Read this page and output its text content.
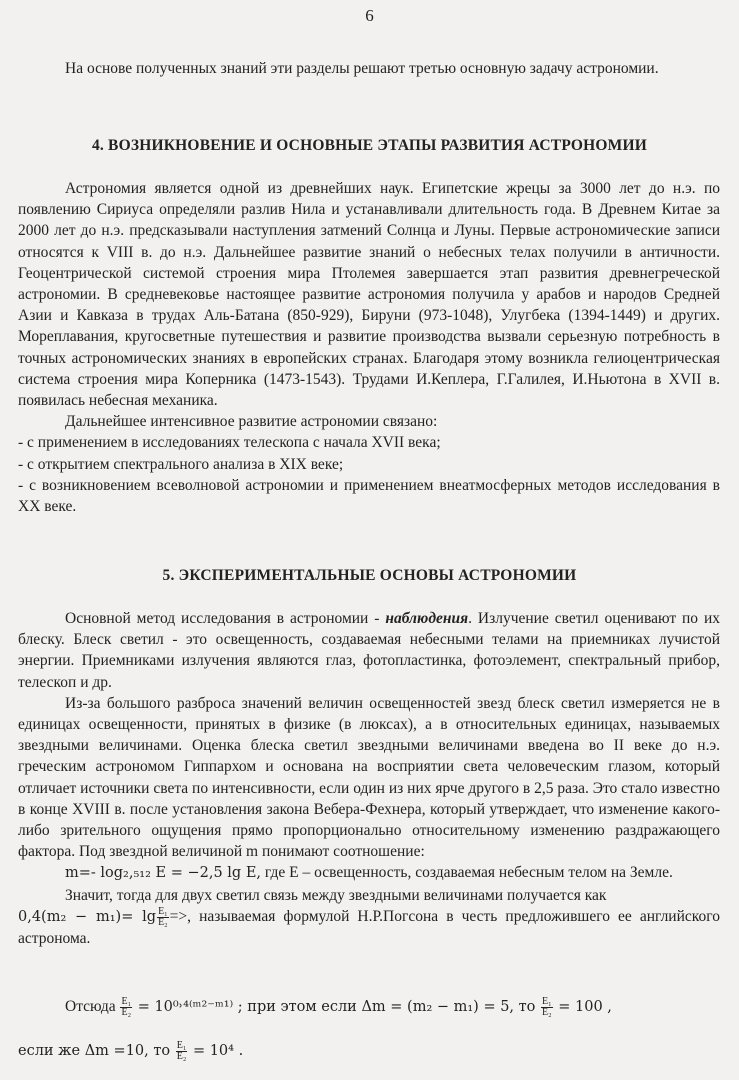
6

На основе полученных знаний эти разделы решают третью основную задачу астрономии.

4. ВОЗНИКНОВЕНИЕ И ОСНОВНЫЕ ЭТАПЫ РАЗВИТИЯ АСТРОНОМИИ

Астрономия является одной из древнейших наук. Египетские жрецы за 3000 лет до н.э. по появлению Сириуса определяли разлив Нила и устанавливали длительность года. В Древнем Китае за 2000 лет до н.э. предсказывали наступления затмений Солнца и Луны. Первые астрономические записи относятся к VIII в. до н.э. Дальнейшее развитие знаний о небесных телах получили в античности. Геоцентрической системой строения мира Птолемея завершается этап развития древнегреческой астрономии. В средневековье настоящее развитие астрономия получила у арабов и народов Средней Азии и Кавказа в трудах Аль-Батана (850-929), Бируни (973-1048), Улугбека (1394-1449) и других. Мореплавания, кругосветные путешествия и развитие производства вызвали серьезную потребность в точных астрономических знаниях в европейских странах. Благодаря этому возникла гелиоцентрическая система строения мира Коперника (1473-1543). Трудами И.Кеплера, Г.Галилея, И.Ньютона в XVII в. появилась небесная механика.

Дальнейшее интенсивное развитие астрономии связано:

- с применением в исследованиях телескопа с начала XVII века;

- с открытием спектрального анализа в XIX веке;

- с возникновением всеволновой астрономии и применением внеатмосферных методов исследования в XX веке.

5. ЭКСПЕРИМЕНТАЛЬНЫЕ ОСНОВЫ АСТРОНОМИИ

Основной метод исследования в астрономии - наблюдения. Излучение светил оценивают по их блеску. Блеск светил - это освещенность, создаваемая небесными телами на приемниках лучистой энергии. Приемниками излучения являются глаз, фотопластинка, фотоэлемент, спектральный прибор, телескоп и др.

Из-за большого разброса значений величин освещенностей звезд блеск светил измеряется не в единицах освещенности, принятых в физике (в люксах), а в относительных единицах, называемых звездными величинами. Оценка блеска светил звездными величинами введена во II веке до н.э. греческим астрономом Гиппархом и основана на восприятии света человеческим глазом, который отличает источники света по интенсивности, если один из них ярче другого в 2,5 раза. Это стало известно в конце XVIII в. после установления закона Вебера-Фехнера, который утверждает, что изменение какого-либо зрительного ощущения прямо пропорционально относительному изменению раздражающего фактора. Под звездной величиной m понимают соотношение:

m=- log₂,₅₁₂ E = −2,5 lg E, где E – освещенность, создаваемая небесным телом на Земле.

Значит, тогда для двух светил связь между звездными величинами получается как

$0,4(m_2 - m_1)= \lg \frac{\text{E₁}}{\text{E₂}}$ =>, называемая формулой Н.Р.Погсона в честь предложившего ее английского астронома.

Отсюда $\frac{\text{E₁}}{\text{E₂}}$ = 10⁰˒⁴⁽ᵐ²⁻ᵐ¹⁾ ; при этом если Δm = (m₂ − m₁) = 5, то $\frac{\text{E₁}}{\text{E₂}} = 100$ ,
если же Δm =10, то $\frac{\text{E₁}}{\text{E₂}} = 10^4$ .
